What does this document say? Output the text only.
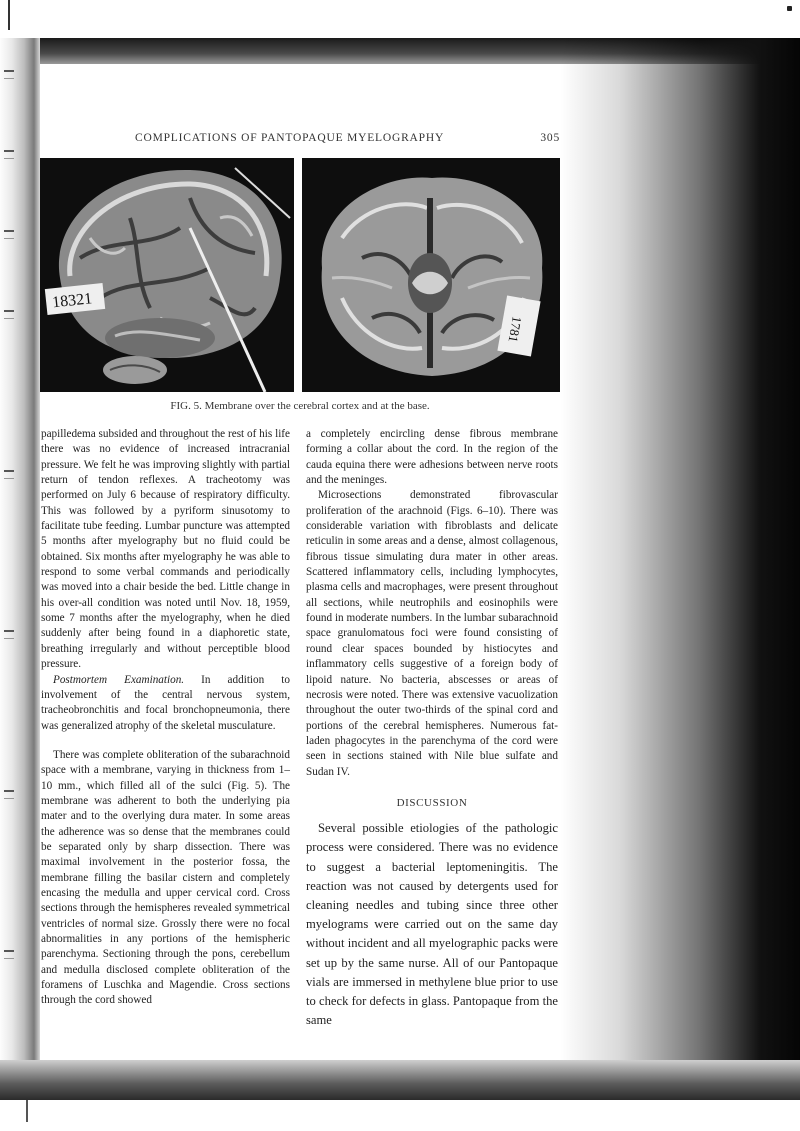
COMPLICATIONS OF PANTOPAQUE MYELOGRAPHY	305
18321
1781
FIG. 5. Membrane over the cerebral cortex and at the base.

papilledema subsided and throughout the rest of his life there was no evidence of increased intracranial pressure. We felt he was improving slightly with partial return of tendon reflexes. A tracheotomy was performed on July 6 because of respiratory difficulty. This was followed by a pyriform sinusotomy to facilitate tube feeding. Lumbar puncture was attempted 5 months after myelography but no fluid could be obtained. Six months after myelography he was able to respond to some verbal commands and periodically was moved into a chair beside the bed. Little change in his over-all condition was noted until Nov. 18, 1959, some 7 months after the myelography, when he died suddenly after being found in a diaphoretic state, breathing irregularly and without perceptible blood pressure.

Postmortem Examination. In addition to involvement of the central nervous system, tracheobronchitis and focal bronchopneumonia, there was generalized atrophy of the skeletal musculature.

There was complete obliteration of the subarachnoid space with a membrane, varying in thickness from 1–10 mm., which filled all of the sulci (Fig. 5). The membrane was adherent to both the underlying pia mater and to the overlying dura mater. In some areas the adherence was so dense that the membranes could be separated only by sharp dissection. There was maximal involvement in the posterior fossa, the membrane filling the basilar cistern and completely encasing the medulla and upper cervical cord. Cross sections through the hemispheres revealed symmetrical ventricles of normal size. Grossly there were no focal abnormalities in any portions of the hemispheric parenchyma. Sectioning through the pons, cerebellum and medulla disclosed complete obliteration of the foramens of Luschka and Magendie. Cross sections through the cord showed

a completely encircling dense fibrous membrane forming a collar about the cord. In the region of the cauda equina there were adhesions between nerve roots and the meninges.

Microsections demonstrated fibrovascular proliferation of the arachnoid (Figs. 6–10). There was considerable variation with fibroblasts and delicate reticulin in some areas and a dense, almost collagenous, fibrous tissue simulating dura mater in other areas. Scattered inflammatory cells, including lymphocytes, plasma cells and macrophages, were present throughout all sections, while neutrophils and eosinophils were found in moderate numbers. In the lumbar subarachnoid space granulomatous foci were found consisting of round clear spaces bounded by histiocytes and inflammatory cells suggestive of a foreign body of lipoid nature. No bacteria, abscesses or areas of necrosis were noted. There was extensive vacuolization throughout the outer two-thirds of the spinal cord and portions of the cerebral hemispheres. Numerous fat-laden phagocytes in the parenchyma of the cord were seen in sections stained with Nile blue sulfate and Sudan IV.

DISCUSSION

Several possible etiologies of the pathologic process were considered. There was no evidence to suggest a bacterial leptomeningitis. The reaction was not caused by detergents used for cleaning needles and tubing since three other myelograms were carried out on the same day without incident and all myelographic packs were set up by the same nurse. All of our Pantopaque vials are immersed in methylene blue prior to use to check for defects in glass. Pantopaque from the same
